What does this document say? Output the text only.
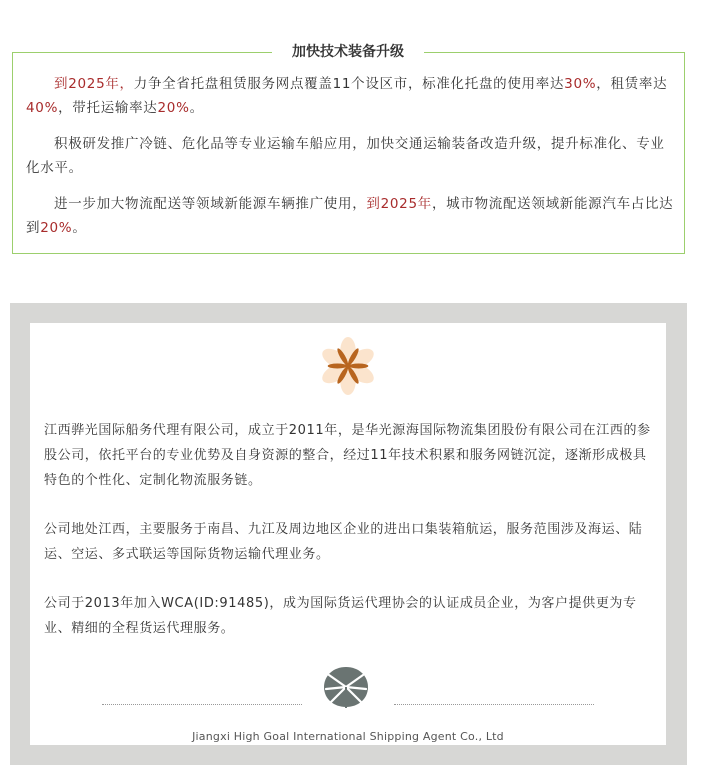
加快技术装备升级

到2025年，力争全省托盘租赁服务网点覆盖11个设区市，标准化托盘的使用率达30%，租赁率达40%，带托运输率达20%。

积极研发推广冷链、危化品等专业运输车船应用，加快交通运输装备改造升级，提升标准化、专业化水平。

进一步加大物流配送等领域新能源车辆推广使用，到2025年，城市物流配送领域新能源汽车占比达到20%。

江西骅光国际船务代理有限公司，成立于2011年，是华光源海国际物流集团股份有限公司在江西的参股公司，依托平台的专业优势及自身资源的整合，经过11年技术积累和服务网链沉淀，逐渐形成极具特色的个性化、定制化物流服务链。

公司地处江西，主要服务于南昌、九江及周边地区企业的进出口集装箱航运，服务范围涉及海运、陆运、空运、多式联运等国际货物运输代理业务。

公司于2013年加入WCA(ID:91485)，成为国际货运代理协会的认证成员企业，为客户提供更为专业、精细的全程货运代理服务。

Jiangxi High Goal International Shipping Agent Co., Ltd
